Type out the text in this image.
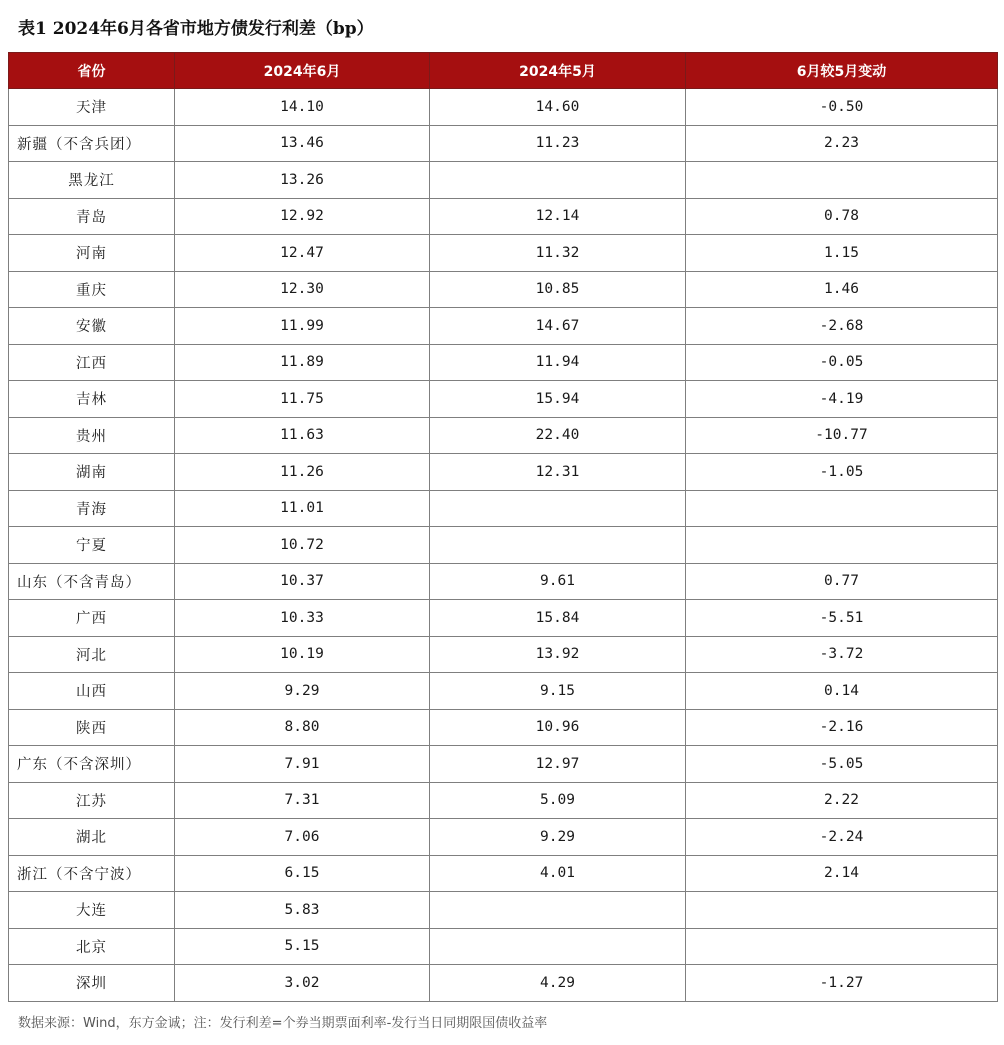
表1 2024年6月各省市地方债发行利差（bp）
省份	2024年6月	2024年5月	6月较5月变动
天津	14.10	14.60	-0.50
新疆（不含兵团）	13.46	11.23	2.23
黑龙江	13.26		
青岛	12.92	12.14	0.78
河南	12.47	11.32	1.15
重庆	12.30	10.85	1.46
安徽	11.99	14.67	-2.68
江西	11.89	11.94	-0.05
吉林	11.75	15.94	-4.19
贵州	11.63	22.40	-10.77
湖南	11.26	12.31	-1.05
青海	11.01		
宁夏	10.72		
山东（不含青岛）	10.37	9.61	0.77
广西	10.33	15.84	-5.51
河北	10.19	13.92	-3.72
山西	9.29	9.15	0.14
陕西	8.80	10.96	-2.16
广东（不含深圳）	7.91	12.97	-5.05
江苏	7.31	5.09	2.22
湖北	7.06	9.29	-2.24
浙江（不含宁波）	6.15	4.01	2.14
大连	5.83		
北京	5.15		
深圳	3.02	4.29	-1.27
数据来源：Wind，东方金诚；注：发行利差=个券当期票面利率-发行当日同期限国债收益率
